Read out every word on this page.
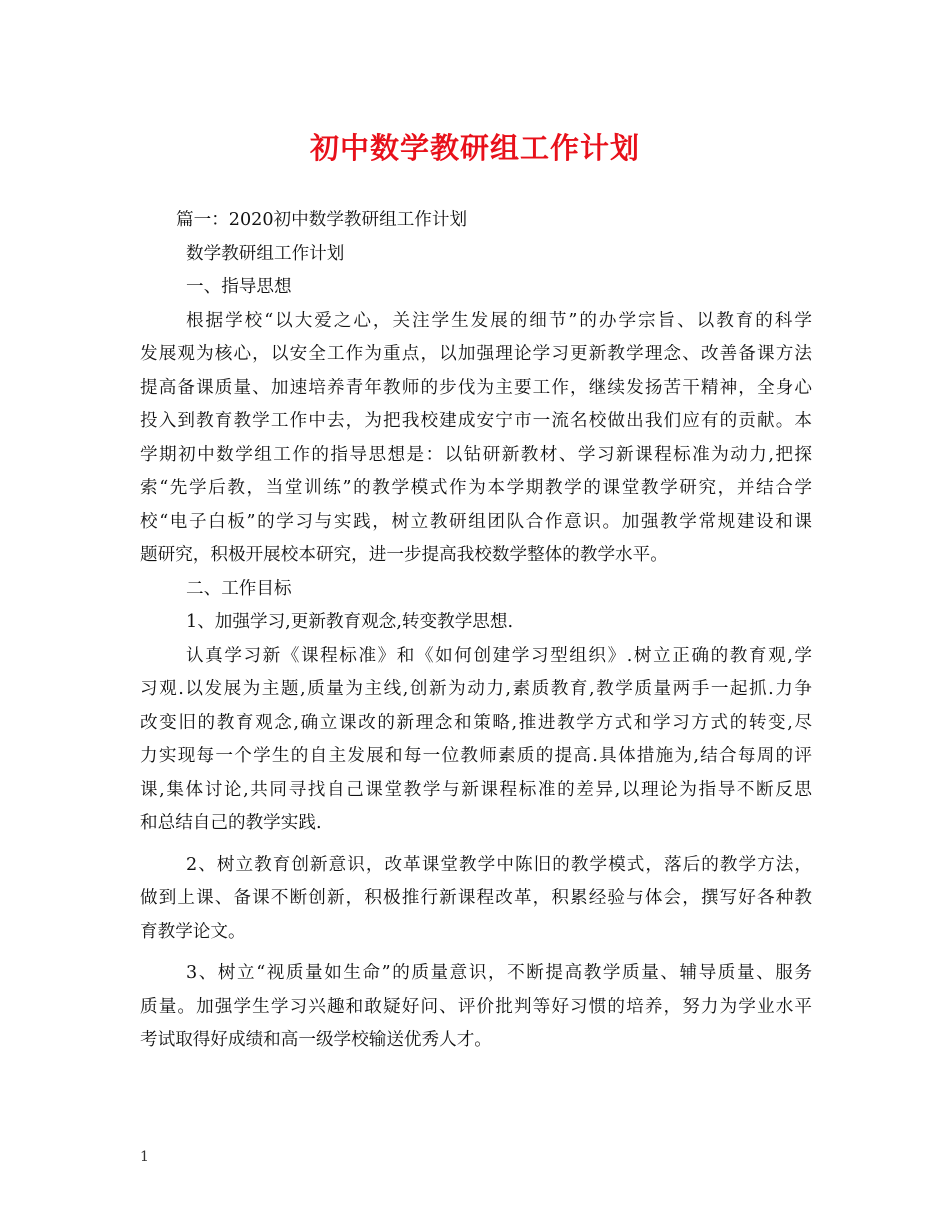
初中数学教研组工作计划
篇一：2020初中数学教研组工作计划
数学教研组工作计划
一、指导思想
根据学校“以大爱之心，关注学生发展的细节”的办学宗旨、以教育的科学
发展观为核心，以安全工作为重点，以加强理论学习更新教学理念、改善备课方法
提高备课质量、加速培养青年教师的步伐为主要工作，继续发扬苦干精神，全身心
投入到教育教学工作中去，为把我校建成安宁市一流名校做出我们应有的贡献。本
学期初中数学组工作的指导思想是：以钻研新教材、学习新课程标准为动力,把探
索“先学后教，当堂训练”的教学模式作为本学期教学的课堂教学研究，并结合学
校“电子白板”的学习与实践，树立教研组团队合作意识。加强教学常规建设和课
题研究，积极开展校本研究，进一步提高我校数学整体的教学水平。
二、工作目标
1、加强学习,更新教育观念,转变教学思想.
认真学习新《课程标准》和《如何创建学习型组织》.树立正确的教育观,学
习观.以发展为主题,质量为主线,创新为动力,素质教育,教学质量两手一起抓.力争
改变旧的教育观念,确立课改的新理念和策略,推进教学方式和学习方式的转变,尽
力实现每一个学生的自主发展和每一位教师素质的提高.具体措施为,结合每周的评
课,集体讨论,共同寻找自己课堂教学与新课程标准的差异,以理论为指导不断反思
和总结自己的教学实践.
2、树立教育创新意识，改革课堂教学中陈旧的教学模式，落后的教学方法，
做到上课、备课不断创新，积极推行新课程改革，积累经验与体会，撰写好各种教
育教学论文。
3、树立“视质量如生命”的质量意识，不断提高教学质量、辅导质量、服务
质量。加强学生学习兴趣和敢疑好问、评价批判等好习惯的培养，努力为学业水平
考试取得好成绩和高一级学校输送优秀人才。
1
